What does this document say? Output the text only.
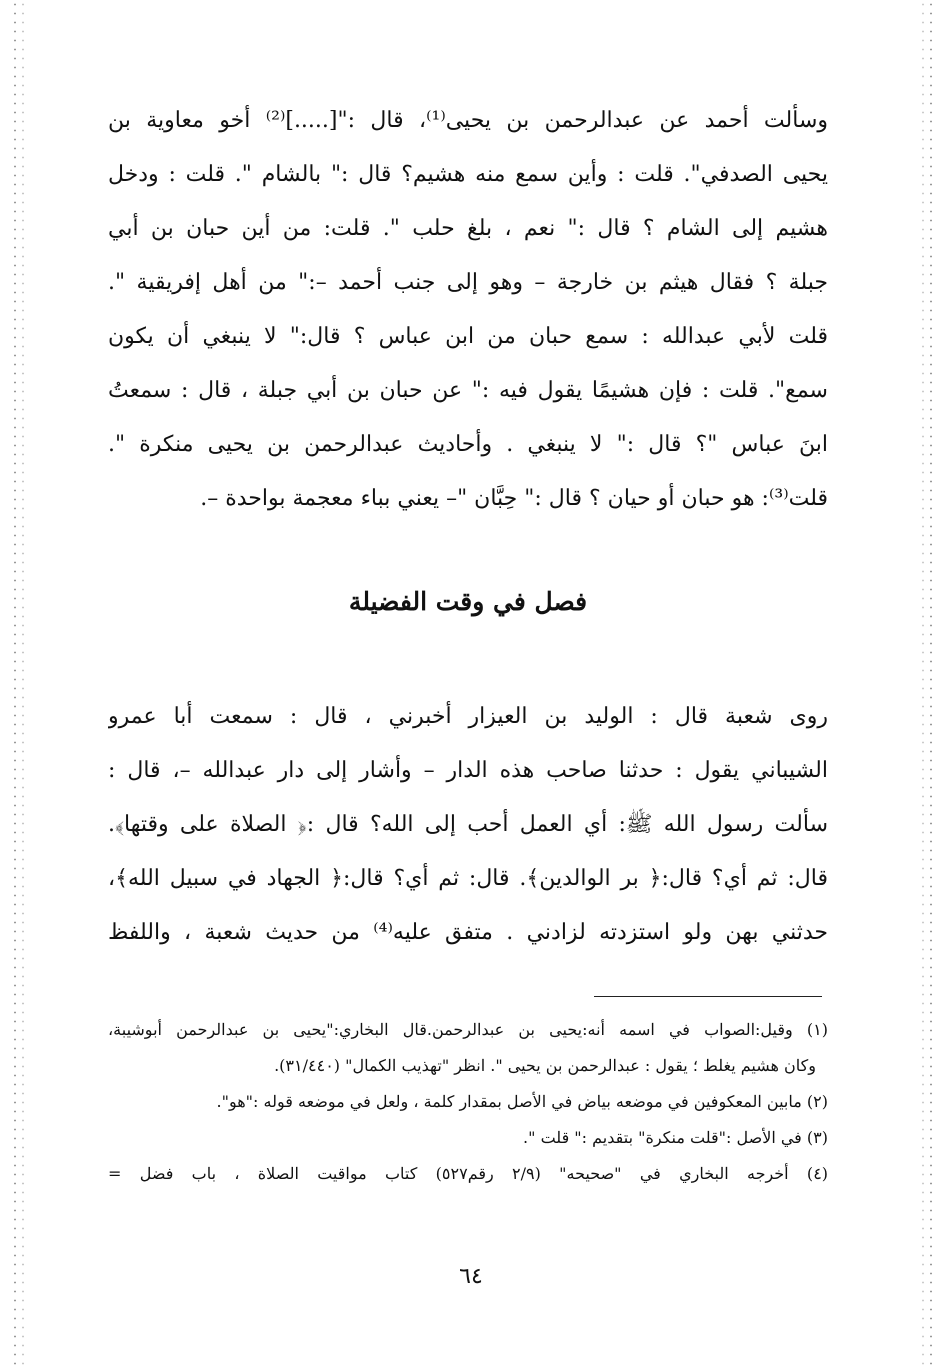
وسألت أحمد عن عبدالرحمن بن يحيى⁽¹⁾، قال :"[.....]⁽²⁾ أخو معاوية بن
يحيى الصدفي". قلت : وأين سمع منه هشيم؟ قال :" بالشام ". قلت : ودخل
هشيم إلى الشام ؟ قال :" نعم ، بلغ حلب ". قلت: من أين حبان بن أبي
جبلة ؟ فقال هيثم بن خارجة – وهو إلى جنب أحمد –:" من أهل إفريقية ".
قلت لأبي عبدالله : سمع حبان من ابن عباس ؟ قال:" لا ينبغي أن يكون
سمع". قلت : فإن هشيمًا يقول فيه :" عن حبان بن أبي جبلة ، قال : سمعتُ
ابنَ عباس "؟ قال :" لا ينبغي . وأحاديث عبدالرحمن بن يحيى منكرة ".
قلت⁽³⁾: هو حبان أو حيان ؟ قال :" حِبَّان "– يعني بباء معجمة بواحدة –.
فصل في وقت الفضيلة
روى شعبة قال : الوليد بن العيزار أخبرني ، قال : سمعت أبا عمرو
الشيباني يقول : حدثنا صاحب هذه الدار – وأشار إلى دار عبدالله –، قال :
سألت رسول الله ﷺ: أي العمل أحب إلى الله؟ قال :﴿ الصلاة على وقتها﴾.
قال: ثم أي؟ قال:﴿ بر الوالدين﴾. قال: ثم أي؟ قال:﴿ الجهاد في سبيل الله﴾،
حدثني بهن ولو استزدته لزادني . متفق عليه⁽⁴⁾ من حديث شعبة ، واللفظ
(١) وقيل:الصواب في اسمه أنه:يحيى بن عبدالرحمن.قال البخاري:"يحيى بن عبدالرحمن أبوشيبة،
وكان هشيم يغلط ؛ يقول : عبدالرحمن بن يحيى ". انظر "تهذيب الكمال" (٣١/٤٤٠).
(٢) مابين المعكوفين في موضعه بياض في الأصل بمقدار كلمة ، ولعل في موضعه قوله :"هو".
(٣) في الأصل :"قلت منكرة" بتقديم :" قلت ".
(٤) أخرجه البخاري في "صحيحه" (٢/٩ رقم٥٢٧) كتاب مواقيت الصلاة ، باب فضل =
٦٤
